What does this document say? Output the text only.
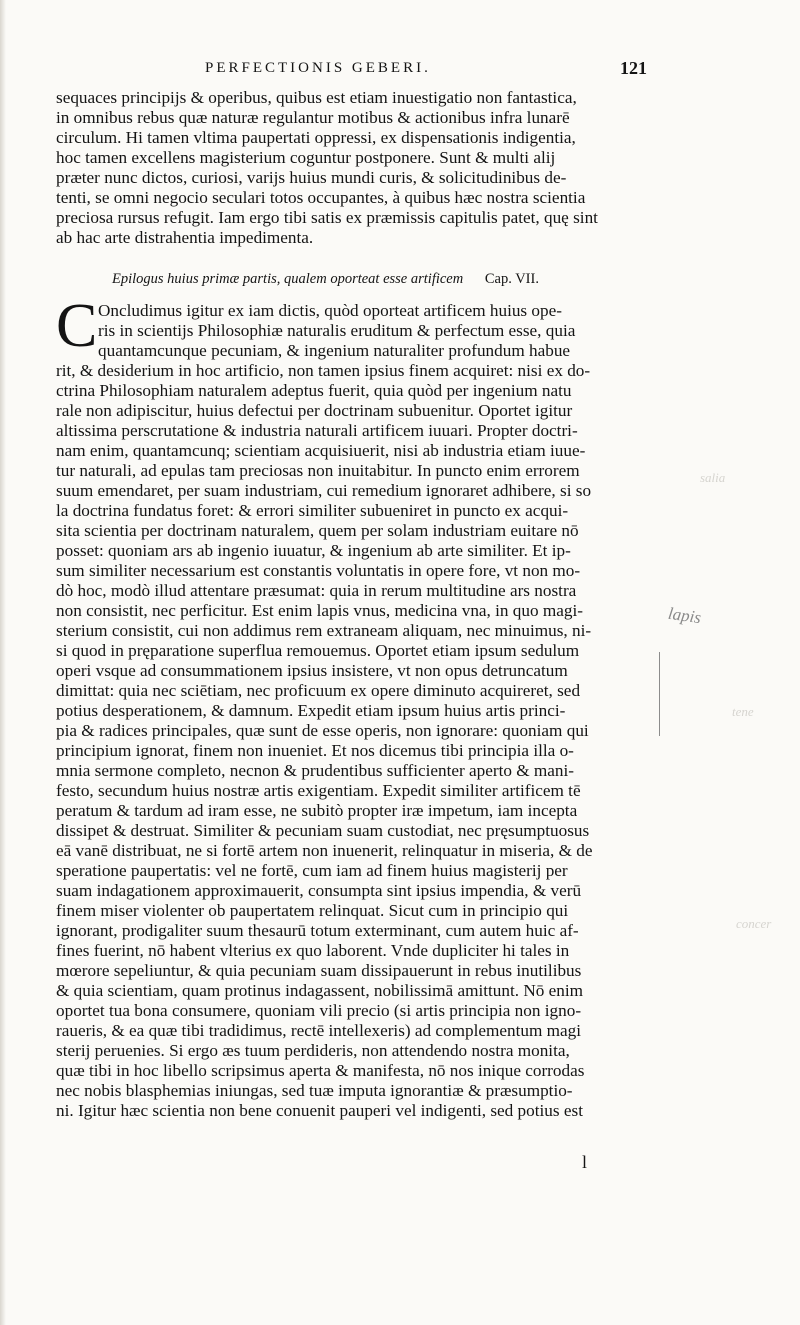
PERFECTIONIS GEBERI.	121
sequaces principijs & operibus, quibus est etiam inuestigatio non fantastica,
in omnibus rebus quæ naturæ regulantur motibus & actionibus infra lunarē
circulum. Hi tamen vltima paupertati oppressi, ex dispensationis indigentia,
hoc tamen excellens magisterium coguntur postponere. Sunt & multi alij
præter nunc dictos, curiosi, varijs huius mundi curis, & solicitudinibus de-
tenti, se omni negocio seculari totos occupantes, à quibus hæc nostra scientia
preciosa rursus refugit. Iam ergo tibi satis ex præmissis capitulis patet, quę sint
ab hac arte distrahentia impedimenta.
Epilogus huius primæ partis, qualem oporteat esse artificem Cap. VII.
C Oncludimus igitur ex iam dictis, quòd oporteat artificem huius ope-
ris in scientijs Philosophiæ naturalis eruditum & perfectum esse, quia
quantamcunque pecuniam, & ingenium naturaliter profundum habue
rit, & desiderium in hoc artificio, non tamen ipsius finem acquiret: nisi ex do-
ctrina Philosophiam naturalem adeptus fuerit, quia quòd per ingenium natu
rale non adipiscitur, huius defectui per doctrinam subuenitur. Oportet igitur
altissima perscrutatione & industria naturali artificem iuuari. Propter doctri-
nam enim, quantamcunq; scientiam acquisiuerit, nisi ab industria etiam iuue-
tur naturali, ad epulas tam preciosas non inuitabitur. In puncto enim errorem
suum emendaret, per suam industriam, cui remedium ignoraret adhibere, si so
la doctrina fundatus foret: & errori similiter subueniret in puncto ex acqui-
sita scientia per doctrinam naturalem, quem per solam industriam euitare nō
posset: quoniam ars ab ingenio iuuatur, & ingenium ab arte similiter. Et ip-
sum similiter necessarium est constantis voluntatis in opere fore, vt non mo-
dò hoc, modò illud attentare præsumat: quia in rerum multitudine ars nostra
non consistit, nec perficitur. Est enim lapis vnus, medicina vna, in quo magi-
sterium consistit, cui non addimus rem extraneam aliquam, nec minuimus, ni-
si quod in pręparatione superflua remouemus. Oportet etiam ipsum sedulum
operi vsque ad consummationem ipsius insistere, vt non opus detruncatum
dimittat: quia nec sciētiam, nec proficuum ex opere diminuto acquireret, sed
potius desperationem, & damnum. Expedit etiam ipsum huius artis princi-
pia & radices principales, quæ sunt de esse operis, non ignorare: quoniam qui
principium ignorat, finem non inueniet. Et nos dicemus tibi principia illa o-
mnia sermone completo, necnon & prudentibus sufficienter aperto & mani-
festo, secundum huius nostræ artis exigentiam. Expedit similiter artificem tē
peratum & tardum ad iram esse, ne subitò propter iræ impetum, iam incepta
dissipet & destruat. Similiter & pecuniam suam custodiat, nec pręsumptuosus
eā vanē distribuat, ne si fortē artem non inuenerit, relinquatur in miseria, & de
speratione paupertatis: vel ne fortē, cum iam ad finem huius magisterij per
suam indagationem approximauerit, consumpta sint ipsius impendia, & verū
finem miser violenter ob paupertatem relinquat. Sicut cum in principio qui
ignorant, prodigaliter suum thesaurū totum exterminant, cum autem huic af-
fines fuerint, nō habent vlterius ex quo laborent. Vnde dupliciter hi tales in
mœrore sepeliuntur, & quia pecuniam suam dissipauerunt in rebus inutilibus
& quia scientiam, quam protinus indagassent, nobilissimā amittunt. Nō enim
oportet tua bona consumere, quoniam vili precio (si artis principia non igno-
raueris, & ea quæ tibi tradidimus, rectē intellexeris) ad complementum magi
sterij peruenies. Si ergo æs tuum perdideris, non attendendo nostra monita,
quæ tibi in hoc libello scripsimus aperta & manifesta, nō nos inique corrodas
nec nobis blasphemias iniungas, sed tuæ imputa ignorantiæ & præsumptio-
ni. Igitur hæc scientia non bene conuenit pauperi vel indigenti, sed potius est
l
lapis
salia
tene
concer
